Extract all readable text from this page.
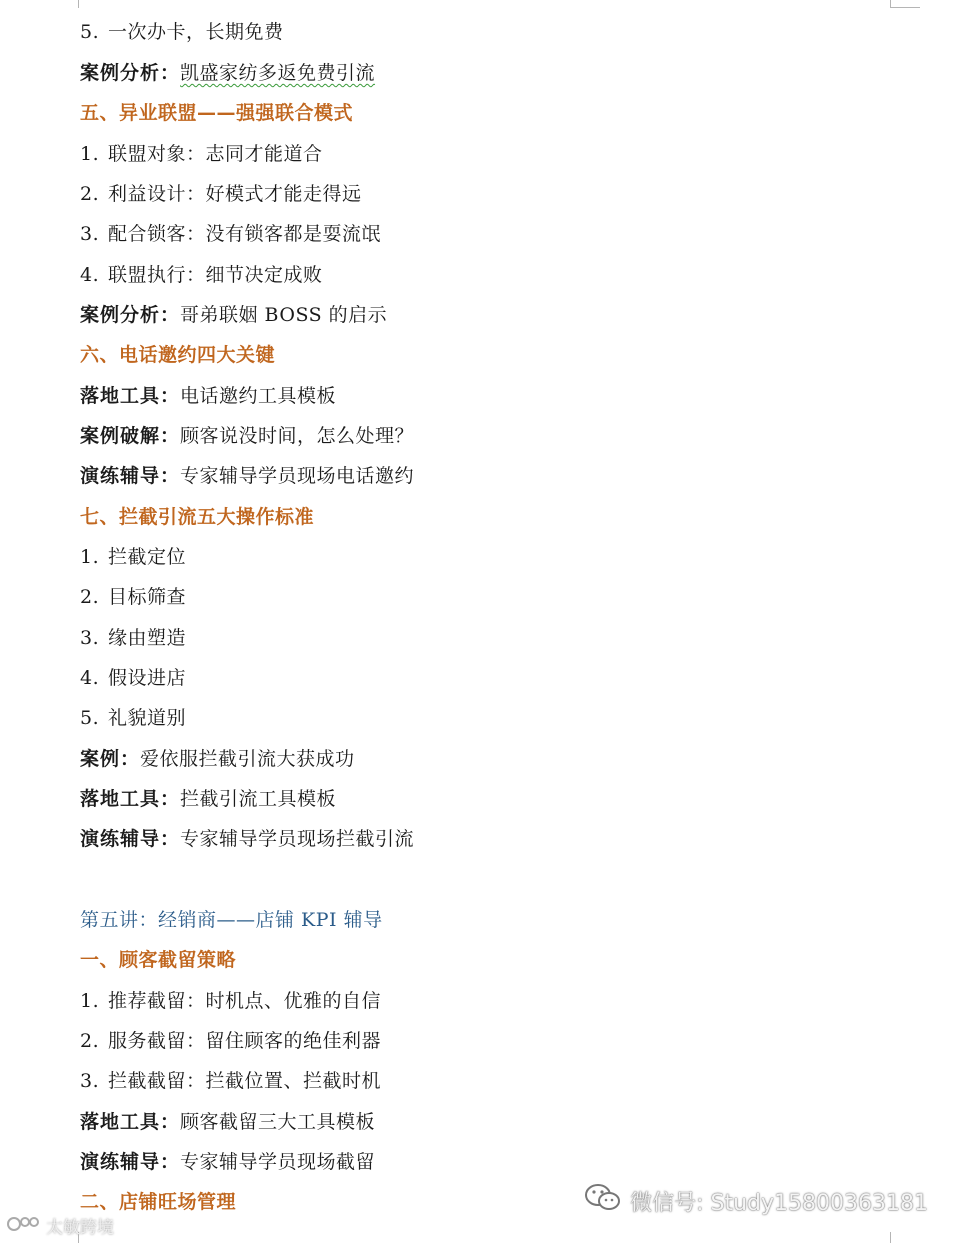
5. 一次办卡，长期免费
案例分析：凯盛家纺多返免费引流
五、异业联盟——强强联合模式
1. 联盟对象：志同才能道合
2. 利益设计：好模式才能走得远
3. 配合锁客：没有锁客都是耍流氓
4. 联盟执行：细节决定成败
案例分析：哥弟联姻 BOSS 的启示
六、电话邀约四大关键
落地工具：电话邀约工具模板
案例破解：顾客说没时间，怎么处理？
演练辅导：专家辅导学员现场电话邀约
七、拦截引流五大操作标准
1. 拦截定位
2. 目标筛查
3. 缘由塑造
4. 假设进店
5. 礼貌道别
案例：爱依服拦截引流大获成功
落地工具：拦截引流工具模板
演练辅导：专家辅导学员现场拦截引流
第五讲：经销商——店铺 KPI 辅导
一、顾客截留策略
1. 推荐截留：时机点、优雅的自信
2. 服务截留：留住顾客的绝佳利器
3. 拦截截留：拦截位置、拦截时机
落地工具：顾客截留三大工具模板
演练辅导：专家辅导学员现场截留
二、店铺旺场管理	微信号: Study15800363181
太敏跨境
